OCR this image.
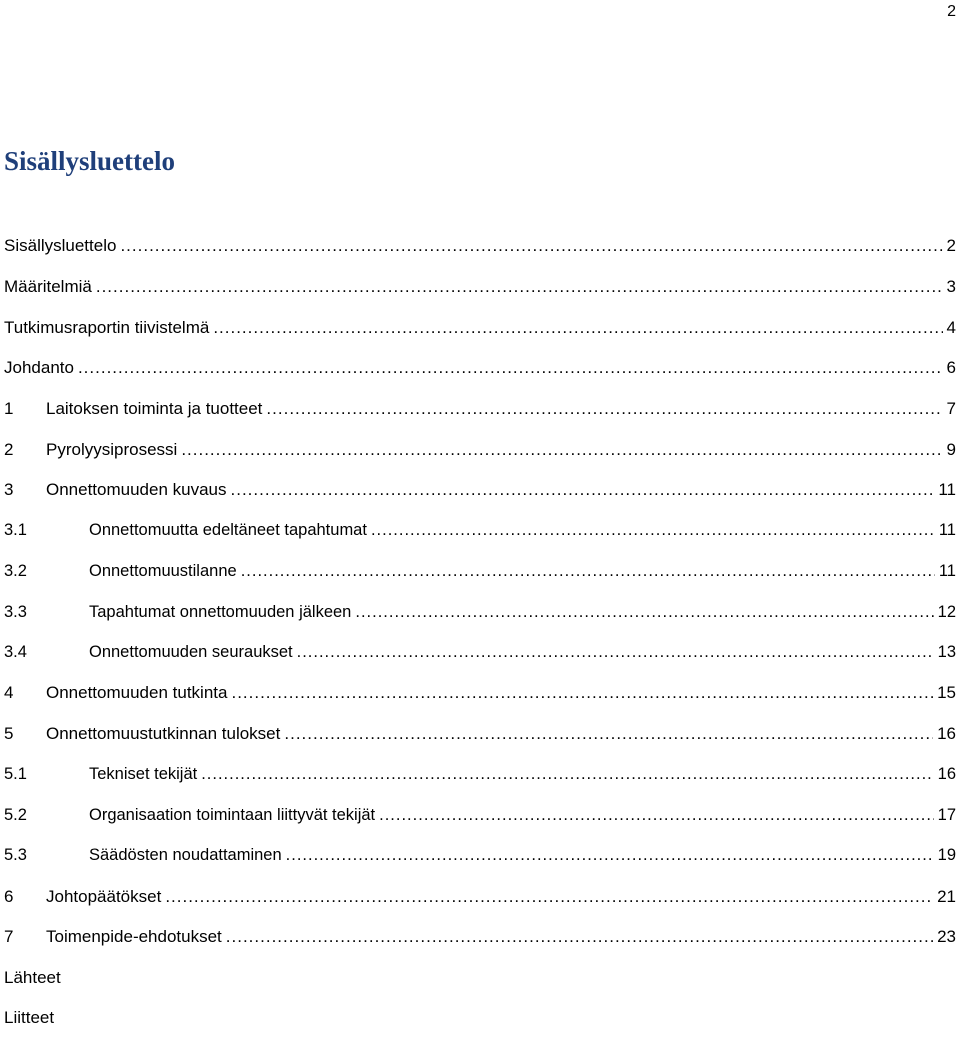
2
Sisällysluettelo
Sisällysluettelo .....	2
Määritelmiä .....	3
Tutkimusraportin tiivistelmä .....	4
Johdanto .....	6
1	Laitoksen toiminta ja tuotteet .....	7
2	Pyrolyysiprosessi .....	9
3	Onnettomuuden kuvaus .....	11
3.1	Onnettomuutta edeltäneet tapahtumat .....	11
3.2	Onnettomuustilanne .....	11
3.3	Tapahtumat onnettomuuden jälkeen .....	12
3.4	Onnettomuuden seuraukset .....	13
4	Onnettomuuden tutkinta .....	15
5	Onnettomuustutkinnan tulokset .....	16
5.1	Tekniset tekijät .....	16
5.2	Organisaation toimintaan liittyvät tekijät .....	17
5.3	Säädösten noudattaminen .....	19
6	Johtopäätökset .....	21
7	Toimenpide-ehdotukset .....	23
Lähteet
Liitteet
